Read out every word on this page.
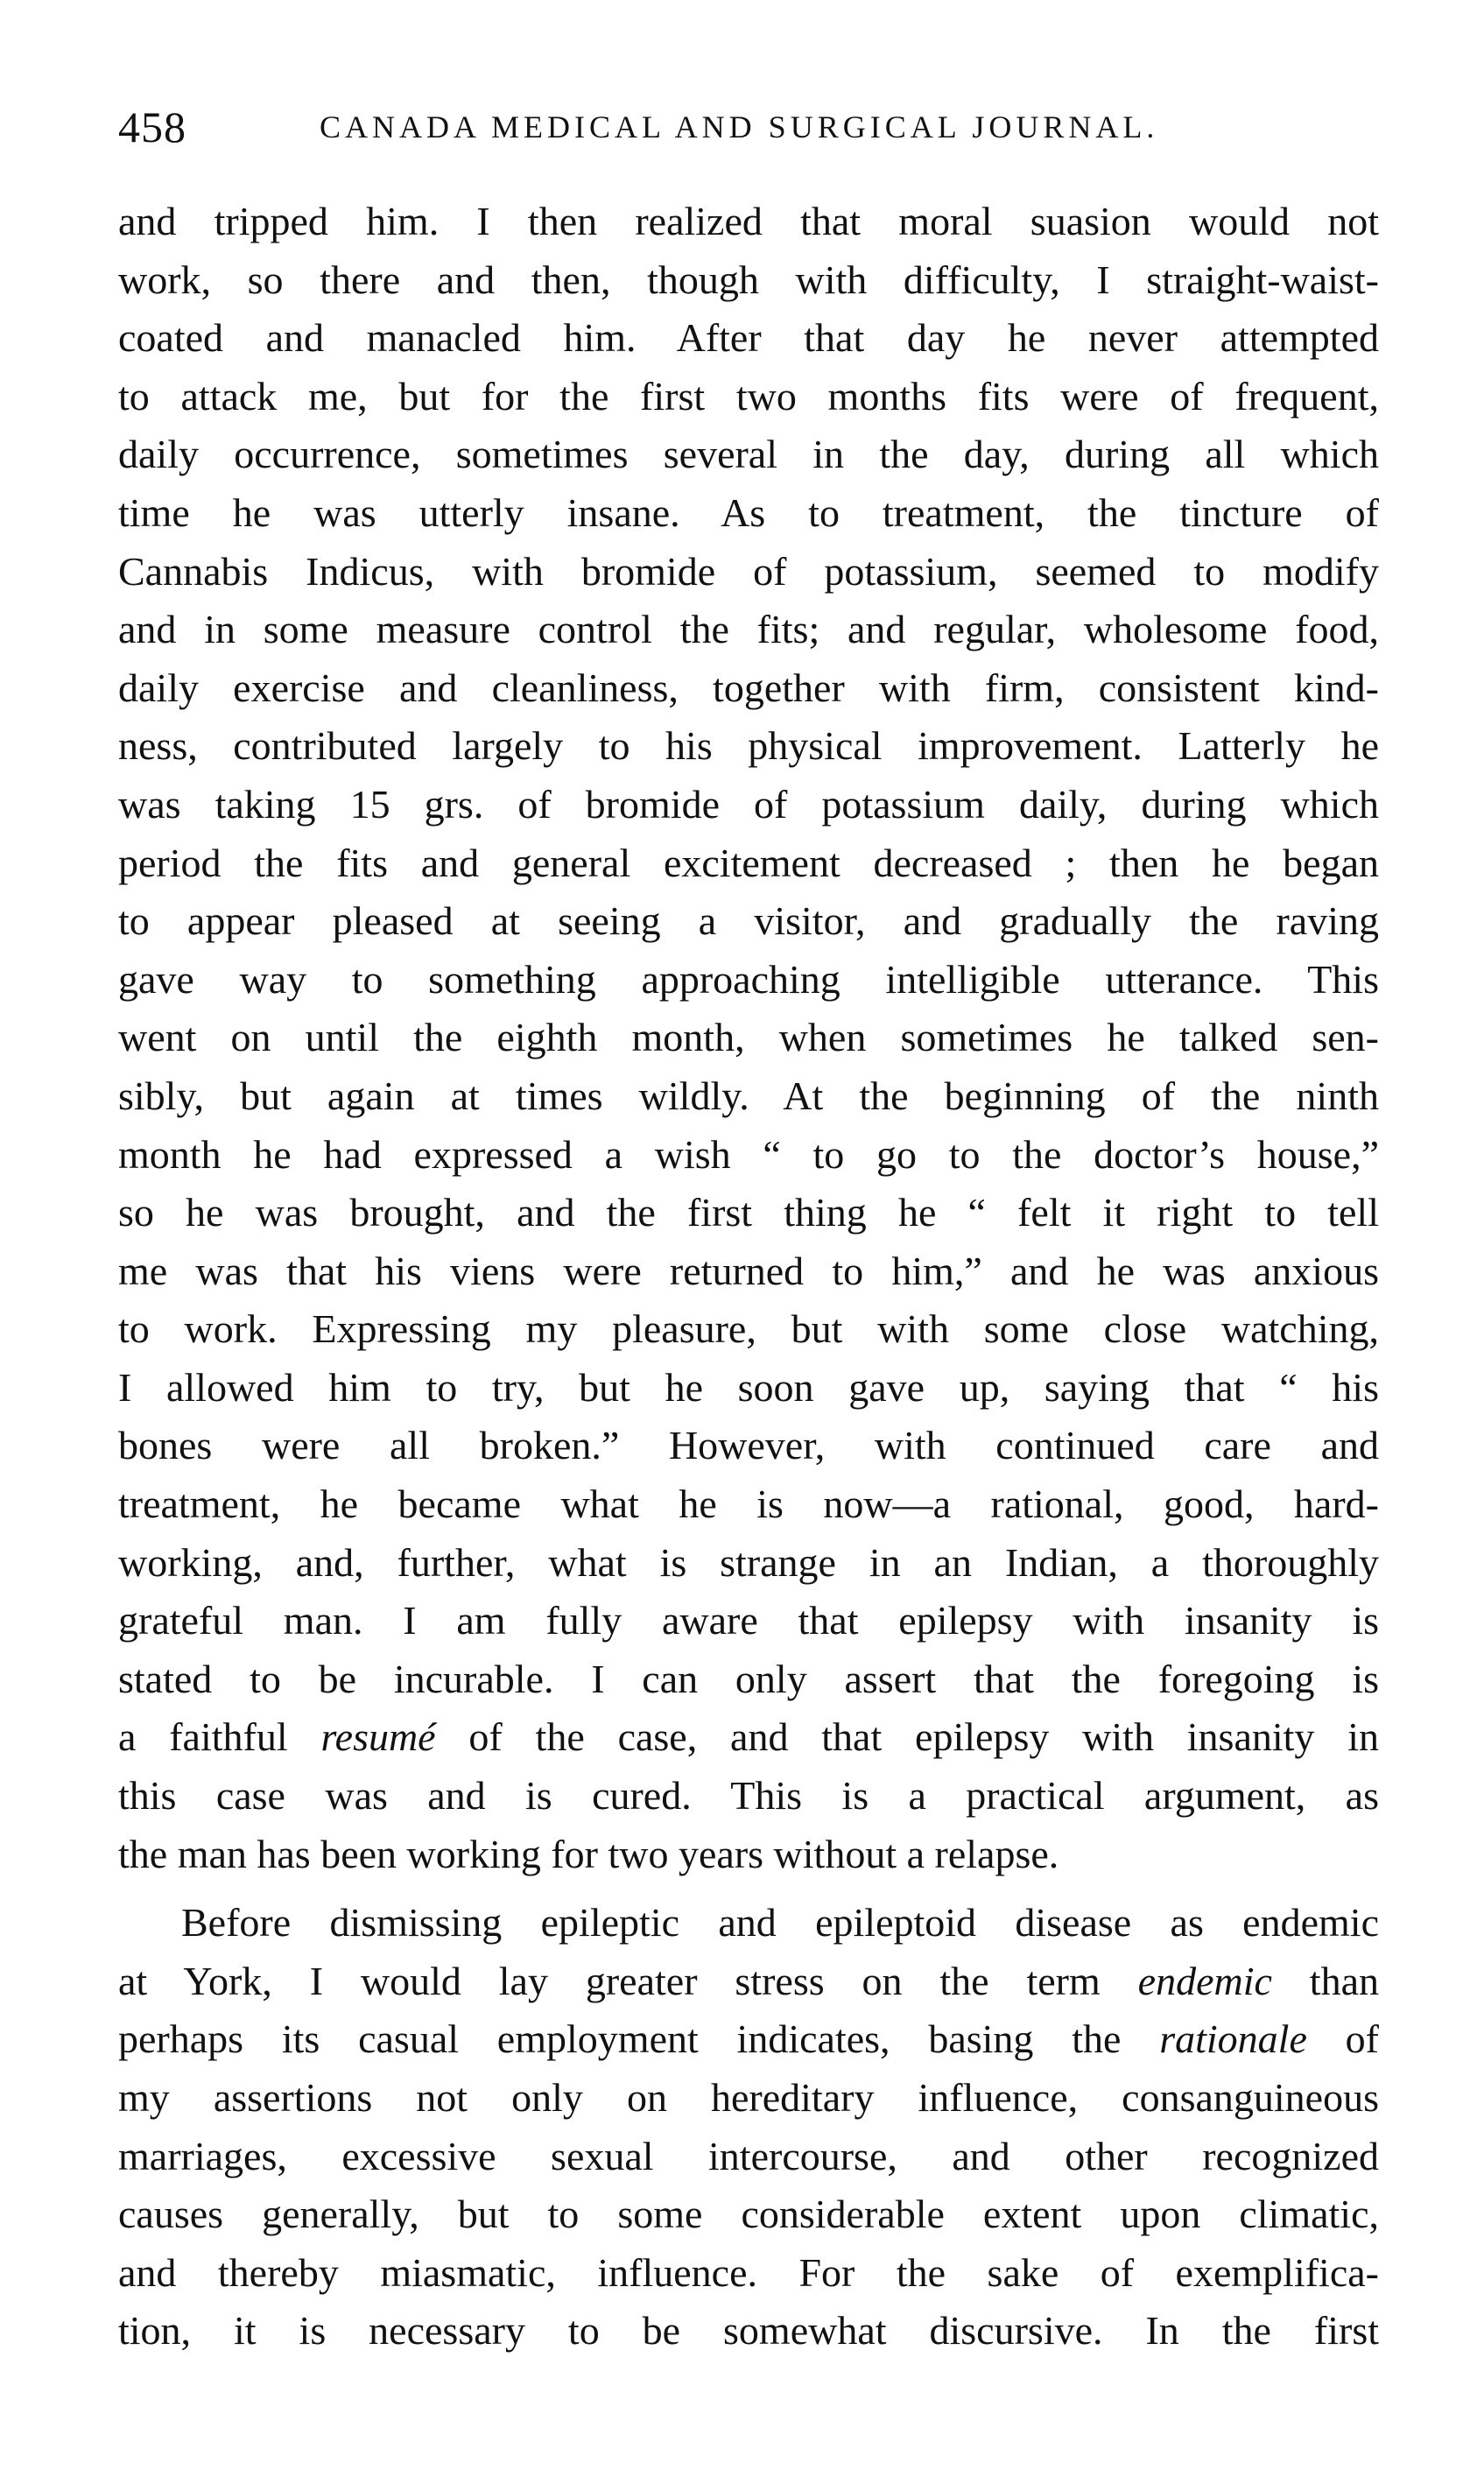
458	CANADA MEDICAL AND SURGICAL JOURNAL.
and tripped him. I then realized that moral suasion would not
work, so there and then, though with difficulty, I straight-waist-
coated and manacled him. After that day he never attempted
to attack me, but for the first two months fits were of frequent,
daily occurrence, sometimes several in the day, during all which
time he was utterly insane. As to treatment, the tincture of
Cannabis Indicus, with bromide of potassium, seemed to modify
and in some measure control the fits; and regular, wholesome food,
daily exercise and cleanliness, together with firm, consistent kind-
ness, contributed largely to his physical improvement. Latterly he
was taking 15 grs. of bromide of potassium daily, during which
period the fits and general excitement decreased ; then he began
to appear pleased at seeing a visitor, and gradually the raving
gave way to something approaching intelligible utterance. This
went on until the eighth month, when sometimes he talked sen-
sibly, but again at times wildly. At the beginning of the ninth
month he had expressed a wish “ to go to the doctor’s house,”
so he was brought, and the first thing he “ felt it right to tell
me was that his viens were returned to him,” and he was anxious
to work. Expressing my pleasure, but with some close watching,
I allowed him to try, but he soon gave up, saying that “ his
bones were all broken.” However, with continued care and
treatment, he became what he is now—a rational, good, hard-
working, and, further, what is strange in an Indian, a thoroughly
grateful man. I am fully aware that epilepsy with insanity is
stated to be incurable. I can only assert that the foregoing is
a faithful resumé of the case, and that epilepsy with insanity in
this case was and is cured. This is a practical argument, as
the man has been working for two years without a relapse.
Before dismissing epileptic and epileptoid disease as endemic
at York, I would lay greater stress on the term endemic than
perhaps its casual employment indicates, basing the rationale of
my assertions not only on hereditary influence, consanguineous
marriages, excessive sexual intercourse, and other recognized
causes generally, but to some considerable extent upon climatic,
and thereby miasmatic, influence. For the sake of exemplifica-
tion, it is necessary to be somewhat discursive. In the first
